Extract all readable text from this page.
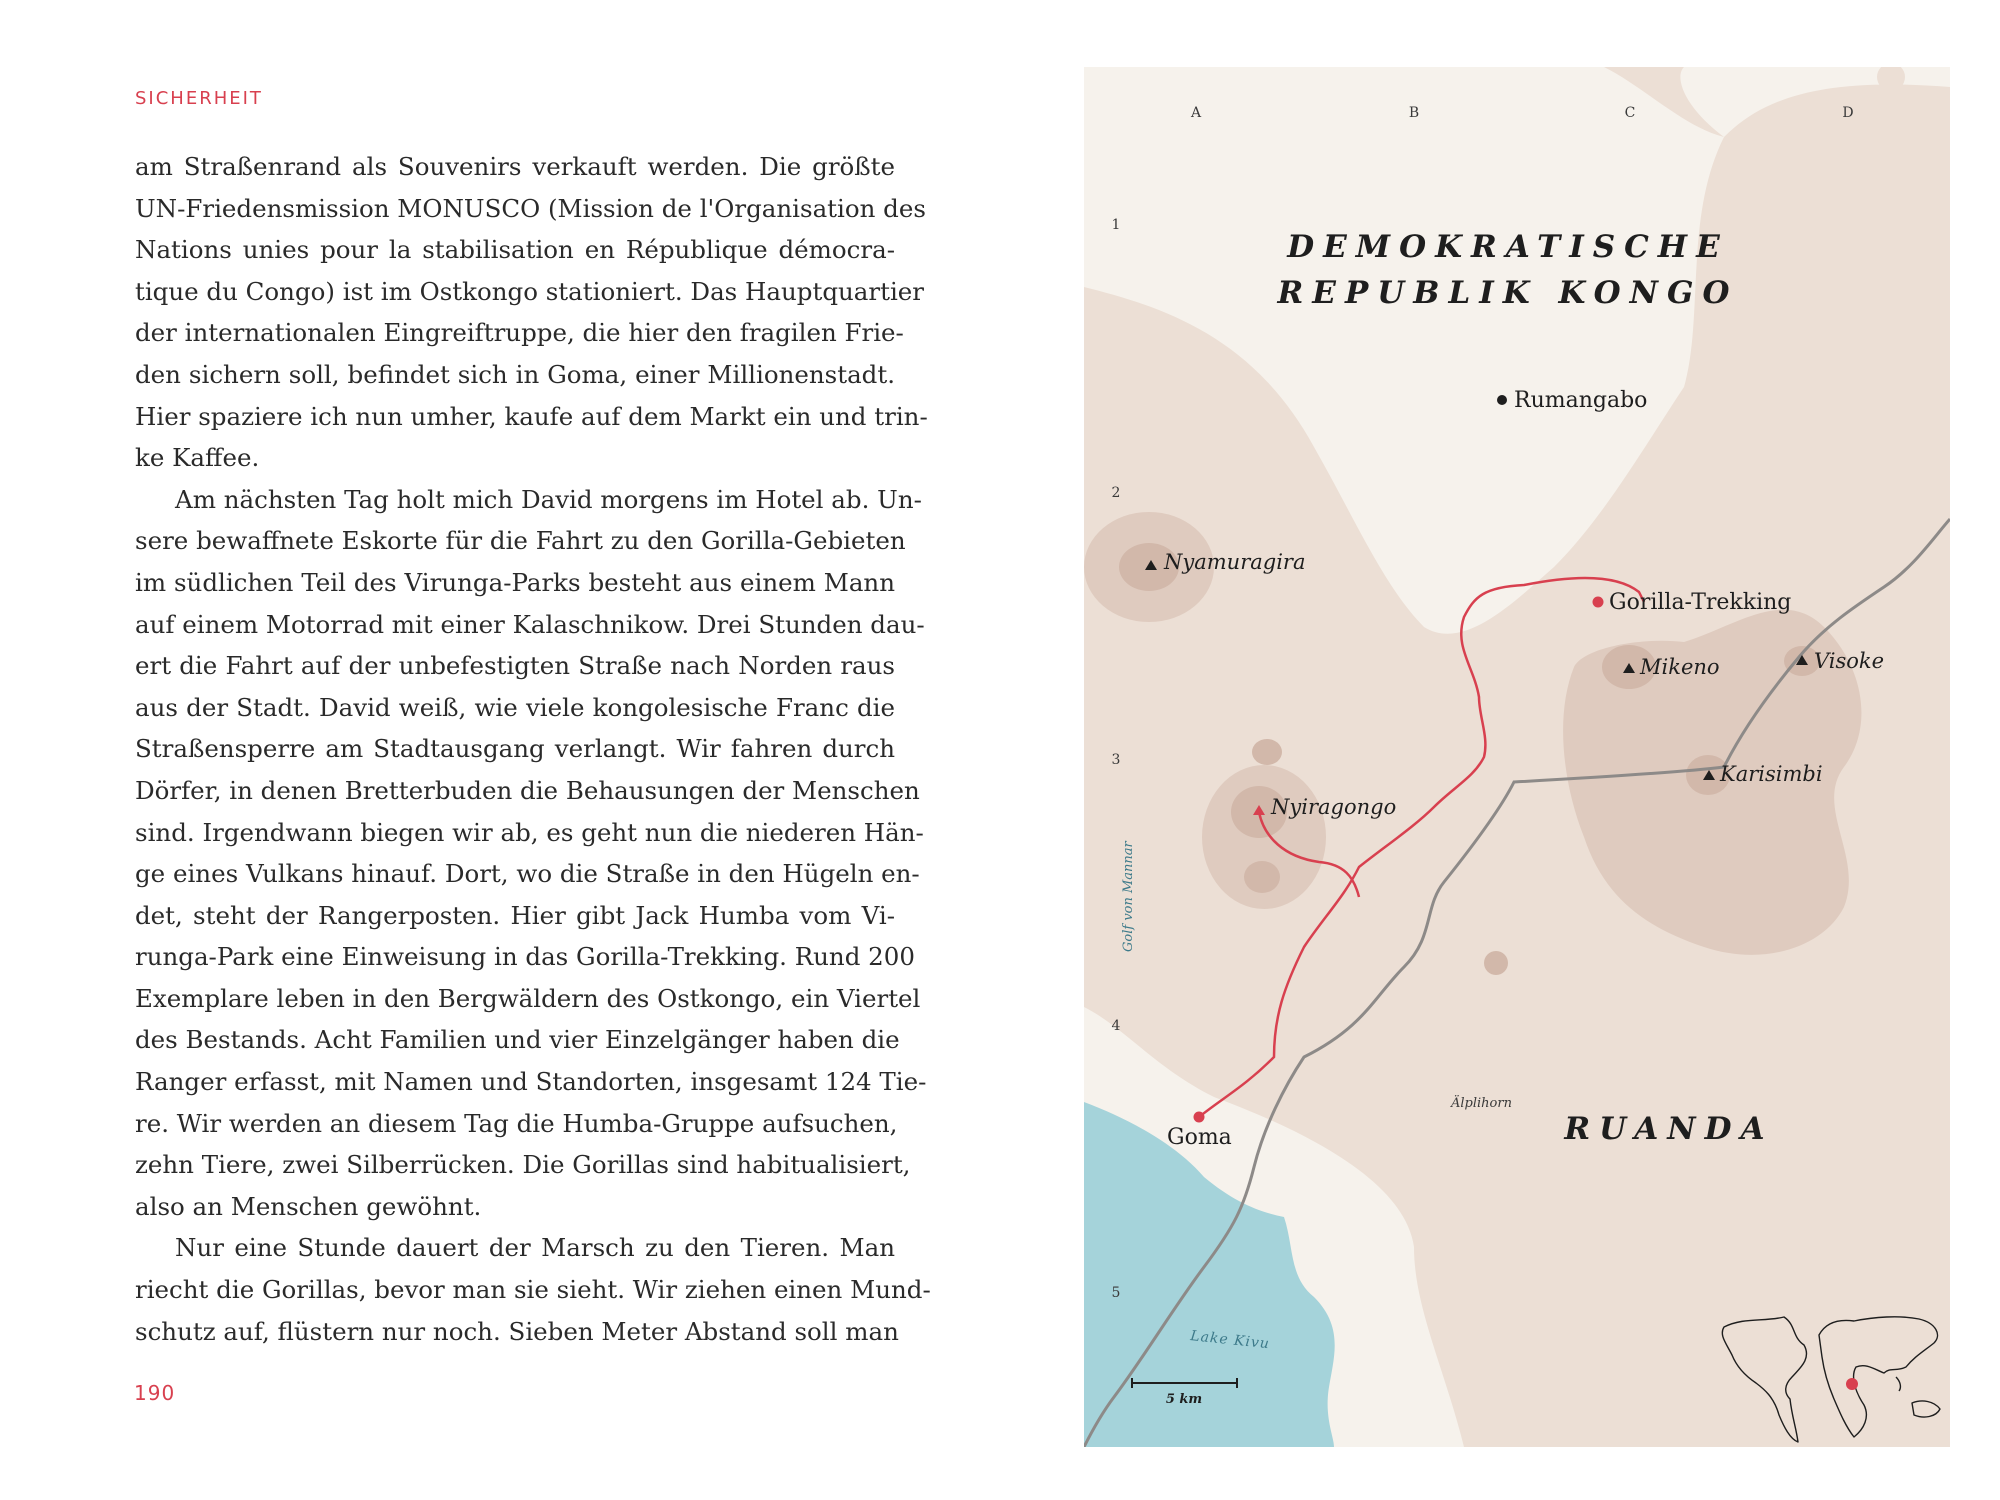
SICHERHEIT

am Straßenrand als Souvenirs verkauft werden. Die größte

UN-Friedensmission MONUSCO (Mission de l'Organisation des

Nations unies pour la stabilisation en République démocra-

tique du Congo) ist im Ostkongo stationiert. Das Hauptquartier

der internationalen Eingreiftruppe, die hier den fragilen Frie-

den sichern soll, befindet sich in Goma, einer Millionenstadt.

Hier spaziere ich nun umher, kaufe auf dem Markt ein und trin-

ke Kaffee.

Am nächsten Tag holt mich David morgens im Hotel ab. Un-

sere bewaffnete Eskorte für die Fahrt zu den Gorilla-Gebieten

im südlichen Teil des Virunga-Parks besteht aus einem Mann

auf einem Motorrad mit einer Kalaschnikow. Drei Stunden dau-

ert die Fahrt auf der unbefestigten Straße nach Norden raus

aus der Stadt. David weiß, wie viele kongolesische Franc die

Straßensperre am Stadtausgang verlangt. Wir fahren durch

Dörfer, in denen Bretterbuden die Behausungen der Menschen

sind. Irgendwann biegen wir ab, es geht nun die niederen Hän-

ge eines Vulkans hinauf. Dort, wo die Straße in den Hügeln en-

det, steht der Rangerposten. Hier gibt Jack Humba vom Vi-

runga-Park eine Einweisung in das Gorilla-Trekking. Rund 200

Exemplare leben in den Bergwäldern des Ostkongo, ein Viertel

des Bestands. Acht Familien und vier Einzelgänger haben die

Ranger erfasst, mit Namen und Standorten, insgesamt 124 Tie-

re. Wir werden an diesem Tag die Humba-Gruppe aufsuchen,

zehn Tiere, zwei Silberrücken. Die Gorillas sind habitualisiert,

also an Menschen gewöhnt.

Nur eine Stunde dauert der Marsch zu den Tieren. Man

riecht die Gorillas, bevor man sie sieht. Wir ziehen einen Mund-

schutz auf, flüstern nur noch. Sieben Meter Abstand soll man

190
A	B	C	D
1
2
3
4
5
DEMOKRATISCHE
REPUBLIK KONGO
RUANDA
Rumangabo
Gorilla-Trekking
Goma
Nyamuragira
Mikeno	Visoke
Karisimbi
Nyiragongo
Älplihorn
Lake Kivu
Golf von Mannar
5 km
